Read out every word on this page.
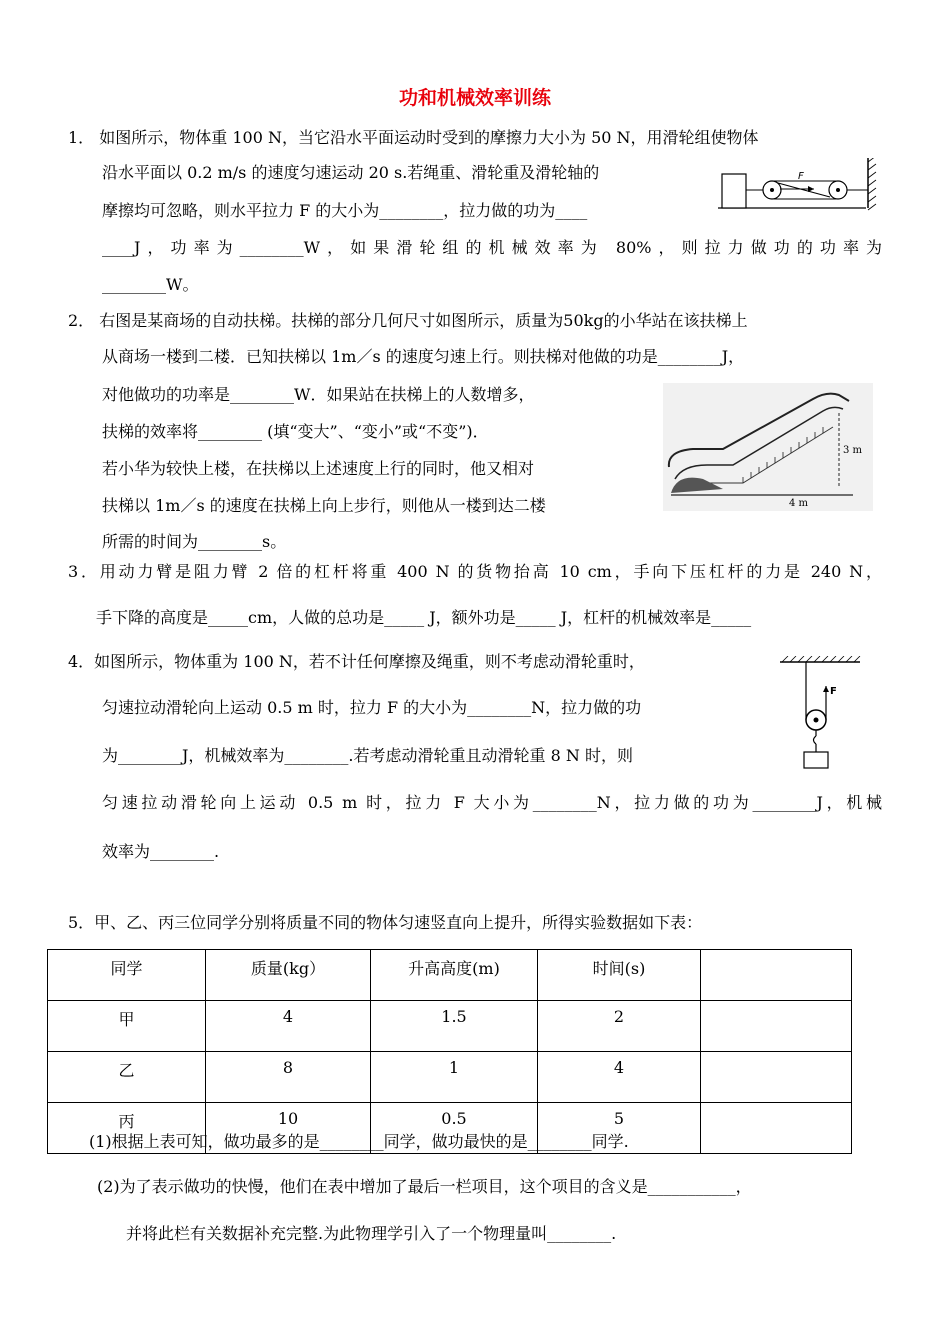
功和机械效率训练
1． 如图所示，物体重 100 N，当它沿水平面运动时受到的摩擦力大小为 50 N，用滑轮组使物体
沿水平面以 0.2 m/s 的速度匀速运动 20 s.若绳重、滑轮重及滑轮轴的
摩擦均可忽略，则水平拉力 F 的大小为________，拉力做的功为____
____J，功率为________W，如果滑轮组的机械效率为 80%，则拉力做功的功率为
________W。
F
2． 右图是某商场的自动扶梯。扶梯的部分几何尺寸如图所示，质量为50kg的小华站在该扶梯上
从商场一楼到二楼．已知扶梯以 1m／s 的速度匀速上行。则扶梯对他做的功是________J，
对他做功的功率是________W．如果站在扶梯上的人数增多，
扶梯的效率将________ (填“变大”、“变小”或“不变”)．
若小华为较快上楼，在扶梯以上述速度上行的同时，他又相对
扶梯以 1m／s 的速度在扶梯上向上步行，则他从一楼到达二楼
所需的时间为________s。
3 m
4 m
3．用动力臂是阻力臂 2 倍的杠杆将重 400 N 的货物抬高 10 cm，手向下压杠杆的力是 240 N，
手下降的高度是_____cm，人做的总功是_____ J，额外功是_____ J，杠杆的机械效率是_____
4．如图所示，物体重为 100 N，若不计任何摩擦及绳重，则不考虑动滑轮重时，
匀速拉动滑轮向上运动 0.5 m 时，拉力 F 的大小为________N，拉力做的功
为________J，机械效率为________.若考虑动滑轮重且动滑轮重 8 N 时，则
匀速拉动滑轮向上运动 0.5 m 时，拉力 F 大小为________N，拉力做的功为________J，机械
效率为________.
F
5．甲、乙、丙三位同学分别将质量不同的物体匀速竖直向上提升，所得实验数据如下表：
同学	质量(kg）	升高高度(m)	时间(s)	
甲	4	1.5	2	
乙	8	1	4	
丙	10	0.5	5	
(1)根据上表可知，做功最多的是________同学，做功最快的是________同学.
(2)为了表示做功的快慢，他们在表中增加了最后一栏项目，这个项目的含义是___________，
并将此栏有关数据补充完整.为此物理学引入了一个物理量叫________.
